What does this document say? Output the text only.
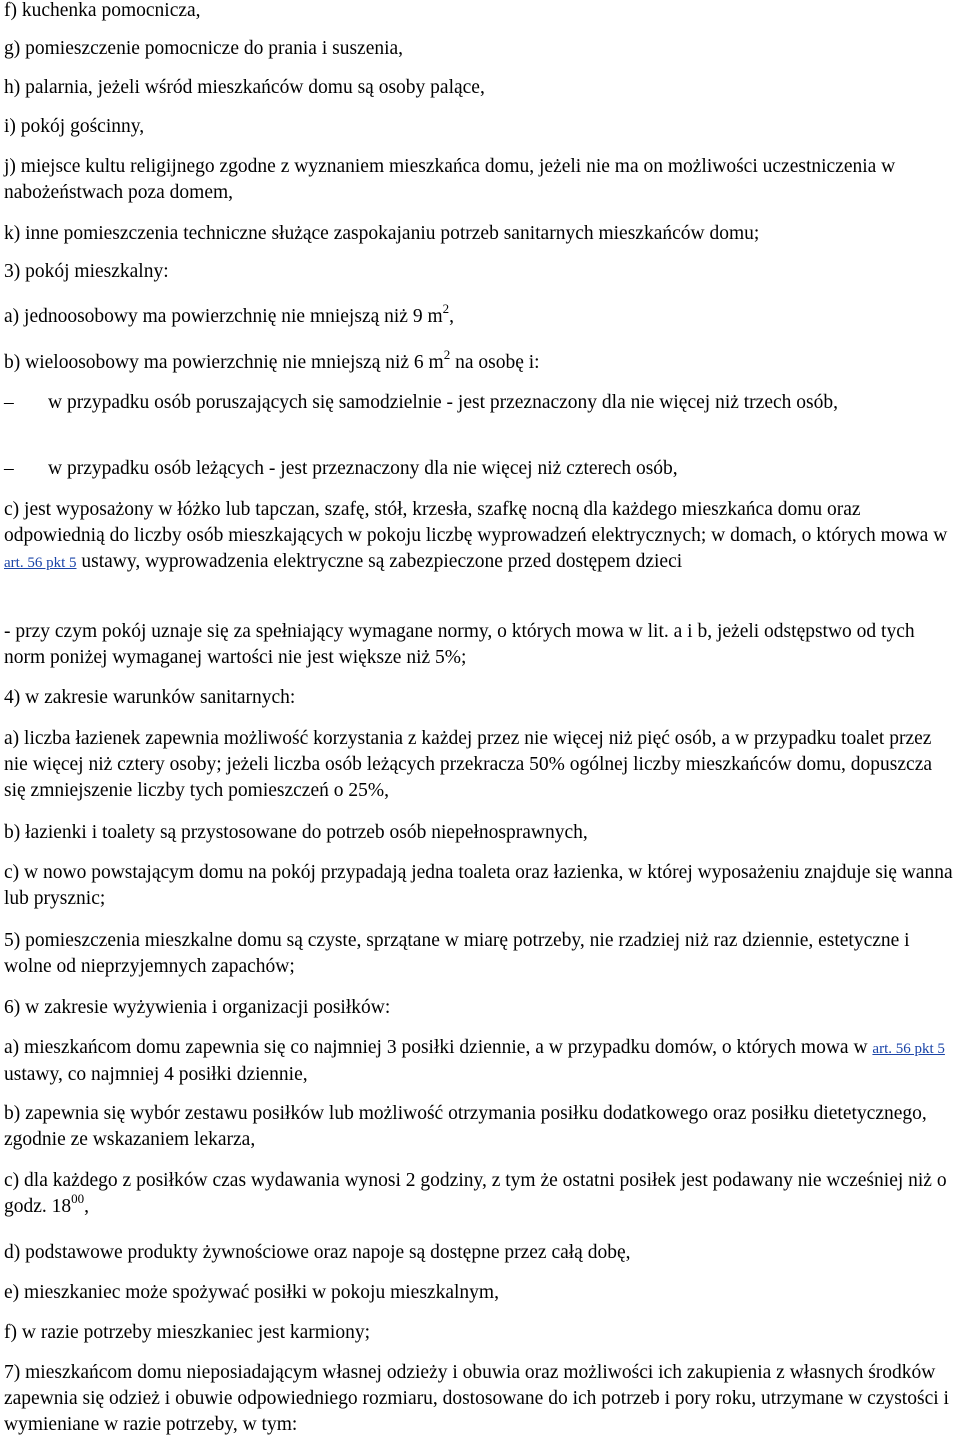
f) kuchenka pomocnicza,

g) pomieszczenie pomocnicze do prania i suszenia,

h) palarnia, jeżeli wśród mieszkańców domu są osoby palące,

i) pokój gościnny,

j) miejsce kultu religijnego zgodne z wyznaniem mieszkańca domu, jeżeli nie ma on możliwości uczestniczenia w nabożeństwach poza domem,

k) inne pomieszczenia techniczne służące zaspokajaniu potrzeb sanitarnych mieszkańców domu;

3) pokój mieszkalny:

a) jednoosobowy ma powierzchnię nie mniejszą niż 9 $m^2$,

b) wieloosobowy ma powierzchnię nie mniejszą niż 6 $m^2$ na osobę i:

– w przypadku osób poruszających się samodzielnie - jest przeznaczony dla nie więcej niż trzech osób,

– w przypadku osób leżących - jest przeznaczony dla nie więcej niż czterech osób,

c) jest wyposażony w łóżko lub tapczan, szafę, stół, krzesła, szafkę nocną dla każdego mieszkańca domu oraz odpowiednią do liczby osób mieszkających w pokoju liczbę wyprowadzeń elektrycznych; w domach, o których mowa w art. 56 pkt 5 ustawy, wyprowadzenia elektryczne są zabezpieczone przed dostępem dzieci

- przy czym pokój uznaje się za spełniający wymagane normy, o których mowa w lit. a i b, jeżeli odstępstwo od tych norm poniżej wymaganej wartości nie jest większe niż 5%;

4) w zakresie warunków sanitarnych:

a) liczba łazienek zapewnia możliwość korzystania z każdej przez nie więcej niż pięć osób, a w przypadku toalet przez nie więcej niż cztery osoby; jeżeli liczba osób leżących przekracza 50% ogólnej liczby mieszkańców domu, dopuszcza się zmniejszenie liczby tych pomieszczeń o 25%,

b) łazienki i toalety są przystosowane do potrzeb osób niepełnosprawnych,

c) w nowo powstającym domu na pokój przypadają jedna toaleta oraz łazienka, w której wyposażeniu znajduje się wanna lub prysznic;

5) pomieszczenia mieszkalne domu są czyste, sprzątane w miarę potrzeby, nie rzadziej niż raz dziennie, estetyczne i wolne od nieprzyjemnych zapachów;

6) w zakresie wyżywienia i organizacji posiłków:

a) mieszkańcom domu zapewnia się co najmniej 3 posiłki dziennie, a w przypadku domów, o których mowa w art. 56 pkt 5 ustawy, co najmniej 4 posiłki dziennie,

b) zapewnia się wybór zestawu posiłków lub możliwość otrzymania posiłku dodatkowego oraz posiłku dietetycznego, zgodnie ze wskazaniem lekarza,

c) dla każdego z posiłków czas wydawania wynosi 2 godziny, z tym że ostatni posiłek jest podawany nie wcześniej niż o godz. $18^{00}$,

d) podstawowe produkty żywnościowe oraz napoje są dostępne przez całą dobę,

e) mieszkaniec może spożywać posiłki w pokoju mieszkalnym,

f) w razie potrzeby mieszkaniec jest karmiony;

7) mieszkańcom domu nieposiadającym własnej odzieży i obuwia oraz możliwości ich zakupienia z własnych środków zapewnia się odzież i obuwie odpowiedniego rozmiaru, dostosowane do ich potrzeb i pory roku, utrzymane w czystości i wymieniane w razie potrzeby, w tym:
